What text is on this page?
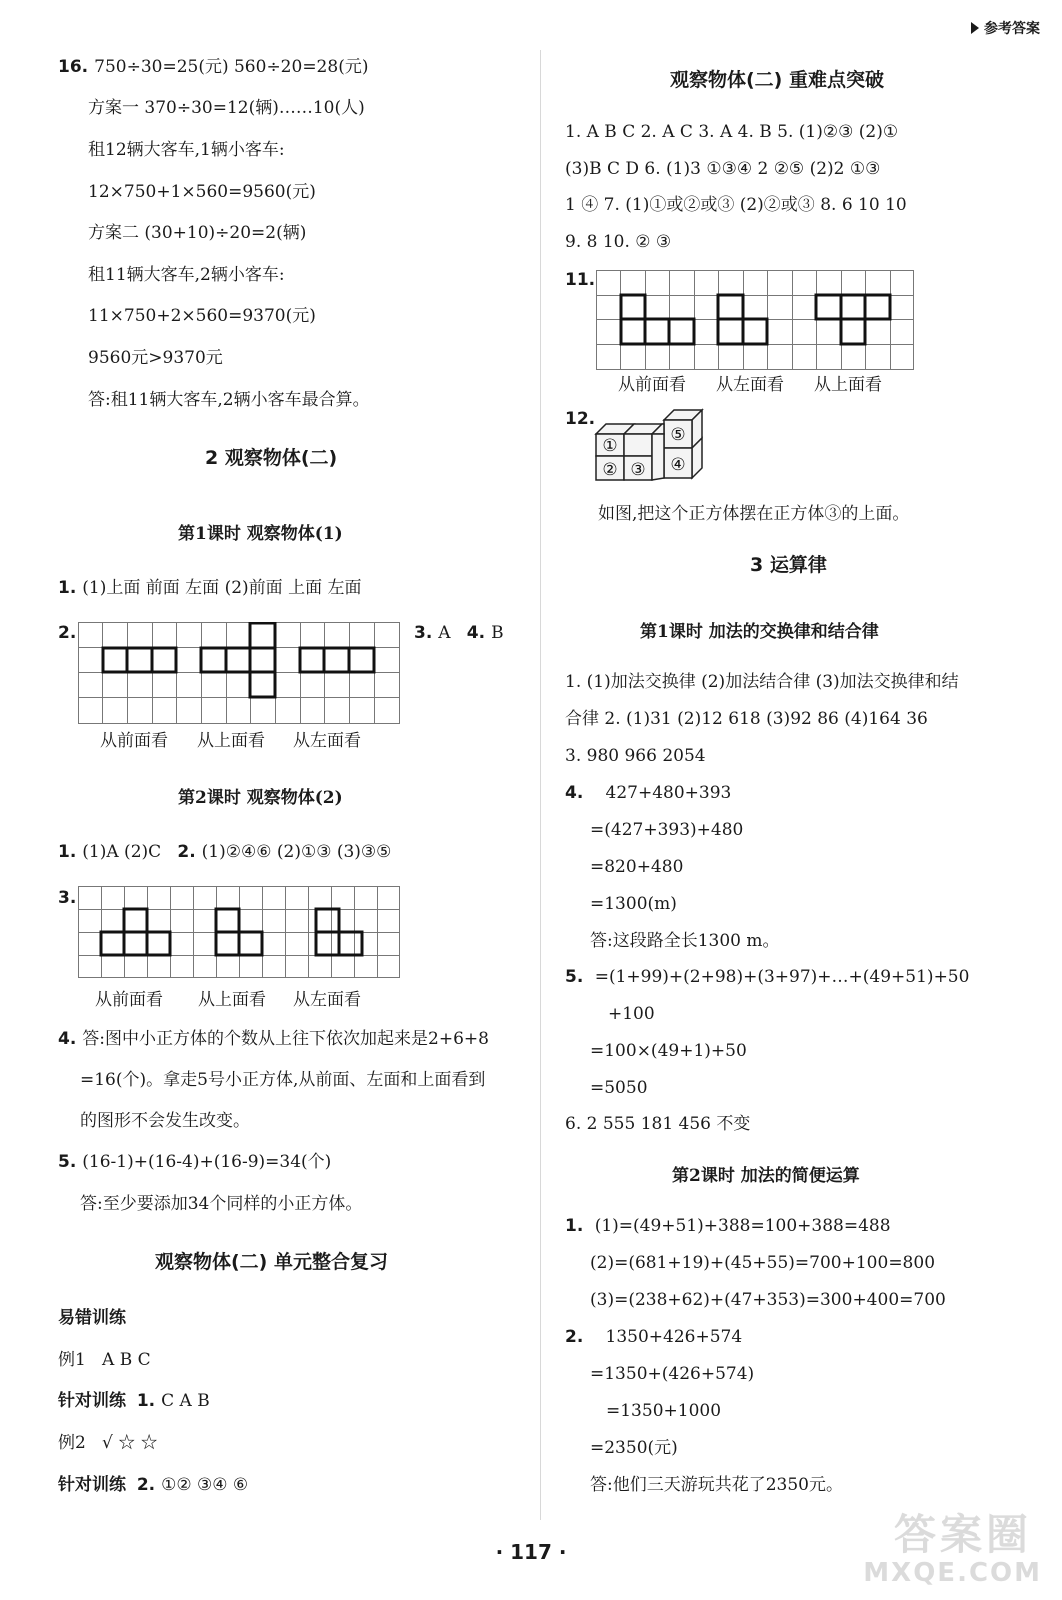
参考答案
16. 750÷30=25(元) 560÷20=28(元)
方案一 370÷30=12(辆)……10(人)
租12辆大客车,1辆小客车:
12×750+1×560=9560(元)
方案二 (30+10)÷20=2(辆)
租11辆大客车,2辆小客车:
11×750+2×560=9370(元)
9560元>9370元
答:租11辆大客车,2辆小客车最合算。
2 观察物体(二)
第1课时 观察物体(1)
1. (1)上面 前面 左面 (2)前面 上面 左面
2.	3. A 4. B
从前面看 从上面看 从左面看
第2课时 观察物体(2)
1. (1)A (2)C 2. (1)②④⑥ (2)①③ (3)③⑤
3.
从前面看 从上面看 从左面看
4. 答:图中小正方体的个数从上往下依次加起来是2+6+8
=16(个)。拿走5号小正方体,从前面、左面和上面看到
的图形不会发生改变。
5. (16-1)+(16-4)+(16-9)=34(个)
答:至少要添加34个同样的小正方体。
观察物体(二) 单元整合复习
易错训练
例1 A B C
针对训练 1. C A B
例2 √ ☆ ☆
针对训练 2. ①② ③④ ⑥
观察物体(二) 重难点突破
1. A B C 2. A C 3. A 4. B 5. (1)②③ (2)①
(3)B C D 6. (1)3 ①③④ 2 ②⑤ (2)2 ①③
1 ④ 7. (1)①或②或③ (2)②或③ 8. 6 10 10
9. 8 10. ② ③
11.
从前面看 从左面看 从上面看
12.
①
② ③ ④
⑤
如图,把这个正方体摆在正方体③的上面。
3 运算律
第1课时 加法的交换律和结合律
1. (1)加法交换律 (2)加法结合律 (3)加法交换律和结
合律 2. (1)31 (2)12 618 (3)92 86 (4)164 36
3. 980 966 2054
4. 427+480+393
=(427+393)+480
=820+480
=1300(m)
答:这段路全长1300 m。
5. =(1+99)+(2+98)+(3+97)+…+(49+51)+50
+100
=100×(49+1)+50
=5050
6. 2 555 181 456 不变
第2课时 加法的简便运算
1. (1)=(49+51)+388=100+388=488
(2)=(681+19)+(45+55)=700+100=800
(3)=(238+62)+(47+353)=300+400=700
2. 1350+426+574
=1350+(426+574)
=1350+1000
=2350(元)
答:他们三天游玩共花了2350元。
· 117 ·	答案圈
MXQE.COM
